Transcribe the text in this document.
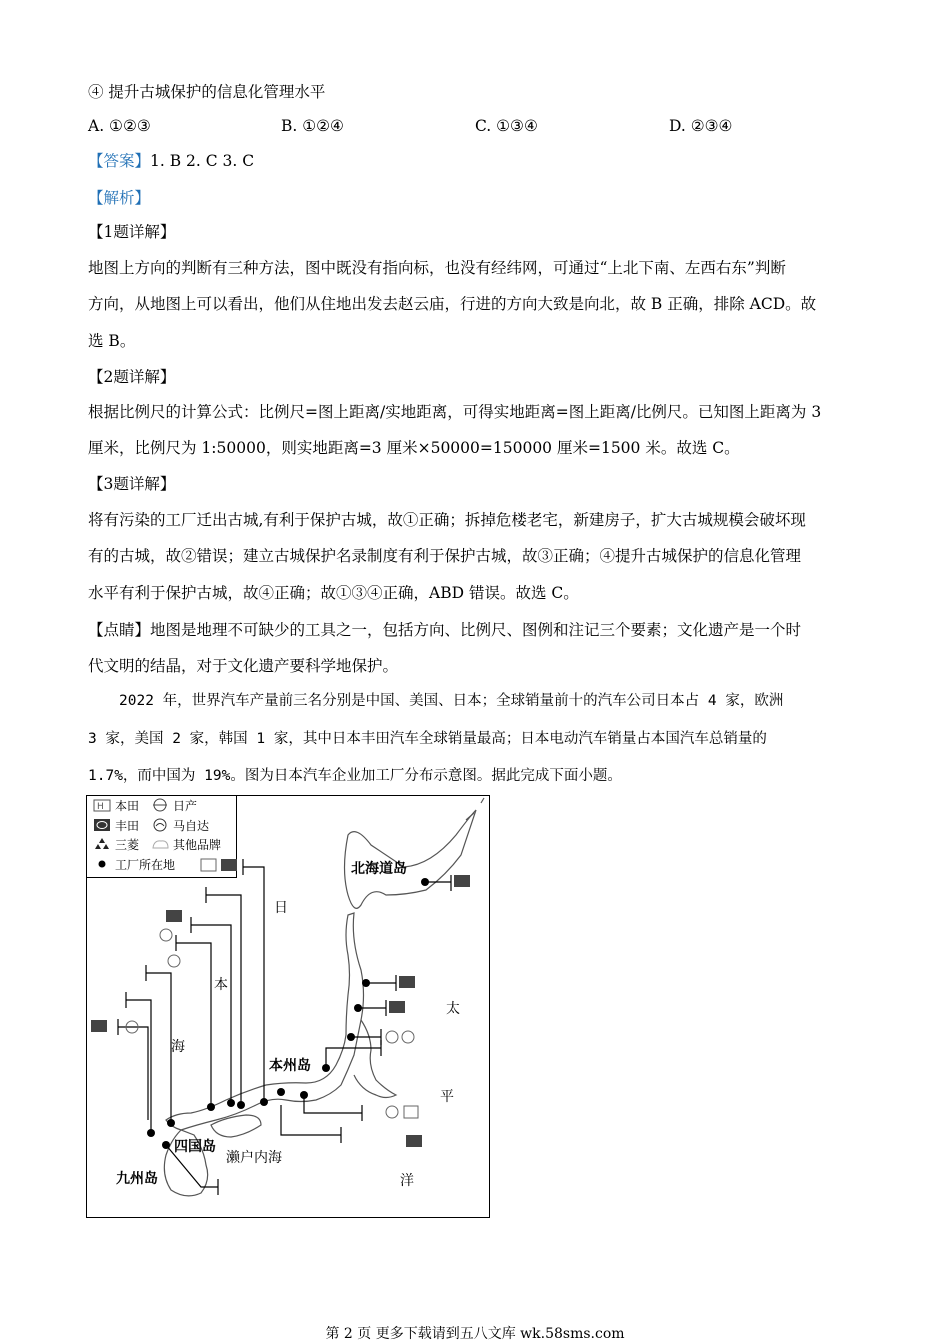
④ 提升古城保护的信息化管理水平
A. ①②③	B. ①②④	C. ①③④	D. ②③④
【答案】1. B 2. C 3. C
【解析】
【1题详解】
地图上方向的判断有三种方法，图中既没有指向标，也没有经纬网，可通过“上北下南、左西右东”判断
方向，从地图上可以看出，他们从住地出发去赵云庙，行进的方向大致是向北，故 B 正确，排除 ACD。故
选 B。
【2题详解】
根据比例尺的计算公式：比例尺=图上距离/实地距离，可得实地距离=图上距离/比例尺。已知图上距离为 3
厘米，比例尺为 1:50000，则实地距离=3 厘米×50000=150000 厘米=1500 米。故选 C。
【3题详解】
将有污染的工厂迁出古城,有利于保护古城，故①正确；拆掉危楼老宅，新建房子，扩大古城规模会破坏现
有的古城，故②错误；建立古城保护名录制度有利于保护古城，故③正确；④提升古城保护的信息化管理
水平有利于保护古城，故④正确；故①③④正确，ABD 错误。故选 C。
【点睛】地图是地理不可缺少的工具之一，包括方向、比例尺、图例和注记三个要素；文化遗产是一个时
代文明的结晶，对于文化遗产要科学地保护。
2022 年，世界汽车产量前三名分别是中国、美国、日本；全球销量前十的汽车公司日本占 4 家，欧洲
3 家，美国 2 家，韩国 1 家，其中日本丰田汽车全球销量最高；日本电动汽车销量占本国汽车总销量的
1.7%，而中国为 19%。图为日本汽车企业加工厂分布示意图。据此完成下面小题。
H 本田	日产
丰田	马自达
三菱	其他品牌
工厂所在地	北海道岛
本州岛
四国岛
九州岛
濑户内海
日
本
海
太
平
洋
第 2 页 更多下载请到五八文库 wk.58sms.com
